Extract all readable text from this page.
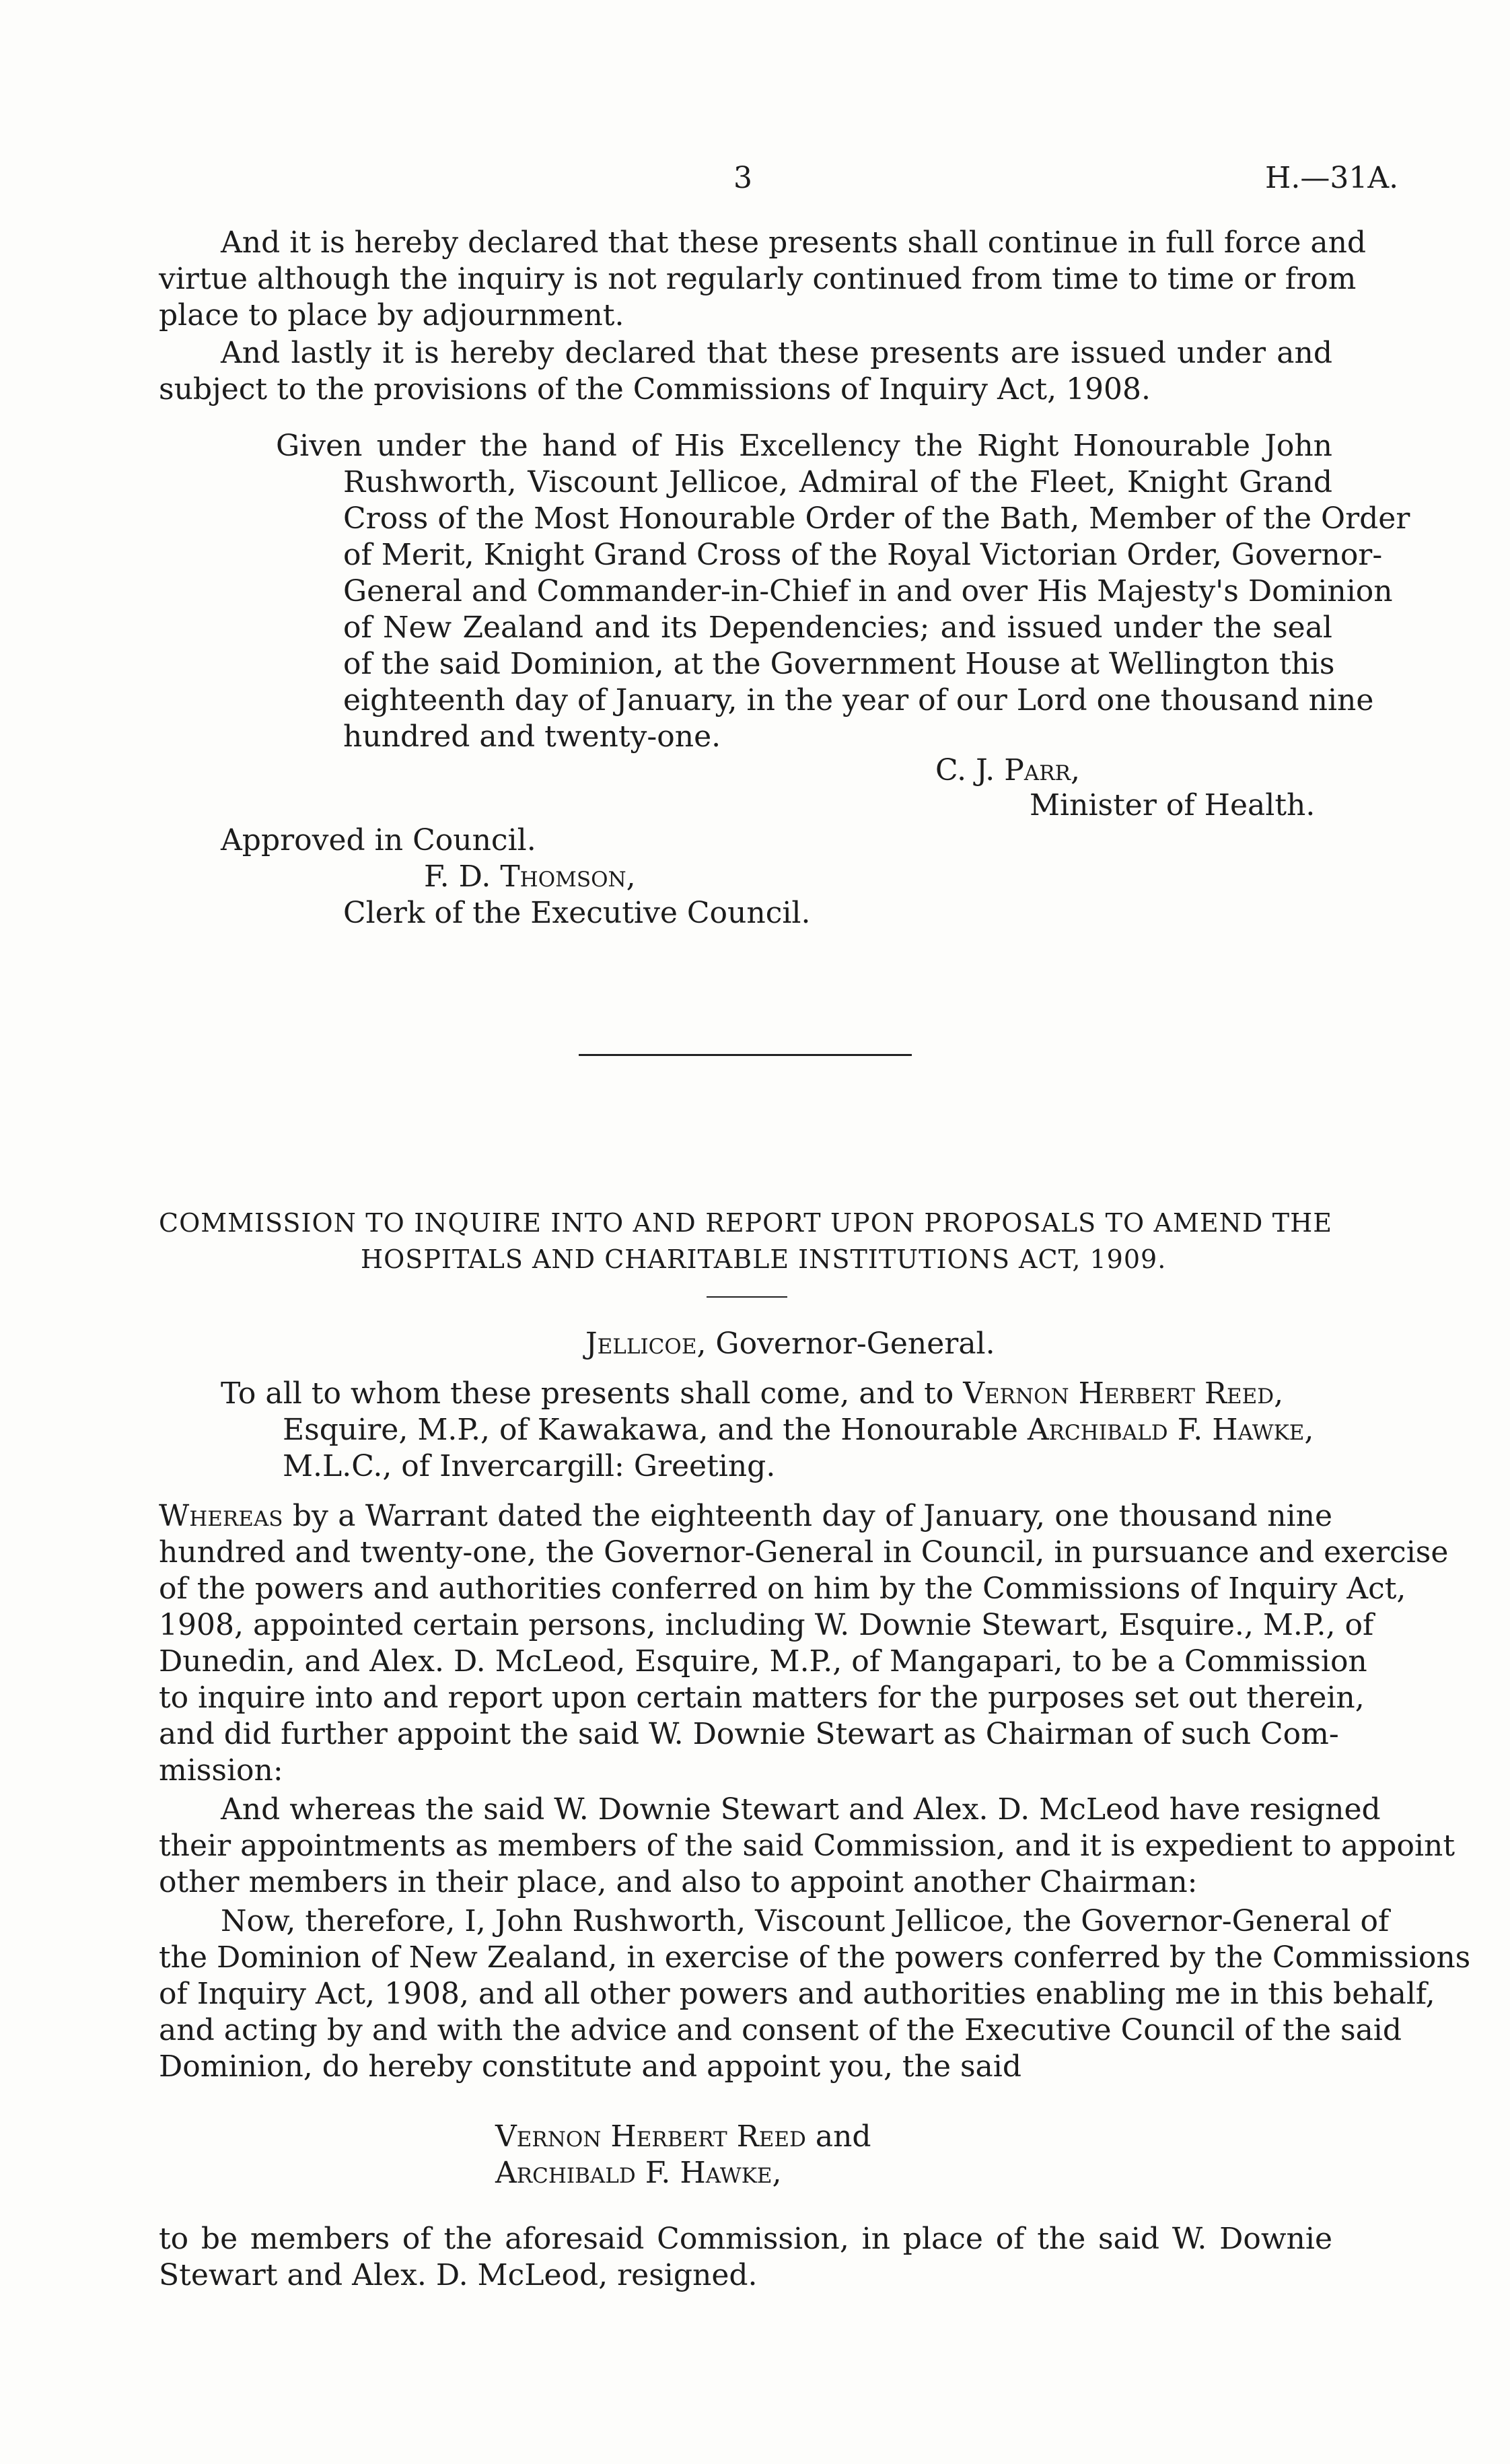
3	H.—31A.
And it is hereby declared that these presents shall continue in full force and
virtue although the inquiry is not regularly continued from time to time or from
place to place by adjournment.
And lastly it is hereby declared that these presents are issued under and
subject to the provisions of the Commissions of Inquiry Act, 1908.
Given under the hand of His Excellency the Right Honourable John
Rushworth, Viscount Jellicoe, Admiral of the Fleet, Knight Grand
Cross of the Most Honourable Order of the Bath, Member of the Order
of Merit, Knight Grand Cross of the Royal Victorian Order, Governor-
General and Commander-in-Chief in and over His Majesty's Dominion
of New Zealand and its Dependencies; and issued under the seal
of the said Dominion, at the Government House at Wellington this
eighteenth day of January, in the year of our Lord one thousand nine
hundred and twenty-one.
C. J. Parr,
Minister of Health.
Approved in Council.
F. D. Thomson,
Clerk of the Executive Council.
COMMISSION TO INQUIRE INTO AND REPORT UPON PROPOSALS TO AMEND THE
HOSPITALS AND CHARITABLE INSTITUTIONS ACT, 1909.
Jellicoe, Governor-General.
To all to whom these presents shall come, and to Vernon Herbert Reed,
Esquire, M.P., of Kawakawa, and the Honourable Archibald F. Hawke,
M.L.C., of Invercargill: Greeting.
Whereas by a Warrant dated the eighteenth day of January, one thousand nine
hundred and twenty-one, the Governor-General in Council, in pursuance and exercise
of the powers and authorities conferred on him by the Commissions of Inquiry Act,
1908, appointed certain persons, including W. Downie Stewart, Esquire., M.P., of
Dunedin, and Alex. D. McLeod, Esquire, M.P., of Mangapari, to be a Commission
to inquire into and report upon certain matters for the purposes set out therein,
and did further appoint the said W. Downie Stewart as Chairman of such Com-
mission:
And whereas the said W. Downie Stewart and Alex. D. McLeod have resigned
their appointments as members of the said Commission, and it is expedient to appoint
other members in their place, and also to appoint another Chairman:
Now, therefore, I, John Rushworth, Viscount Jellicoe, the Governor-General of
the Dominion of New Zealand, in exercise of the powers conferred by the Commissions
of Inquiry Act, 1908, and all other powers and authorities enabling me in this behalf,
and acting by and with the advice and consent of the Executive Council of the said
Dominion, do hereby constitute and appoint you, the said
Vernon Herbert Reed and
Archibald F. Hawke,
to be members of the aforesaid Commission, in place of the said W. Downie
Stewart and Alex. D. McLeod, resigned.
